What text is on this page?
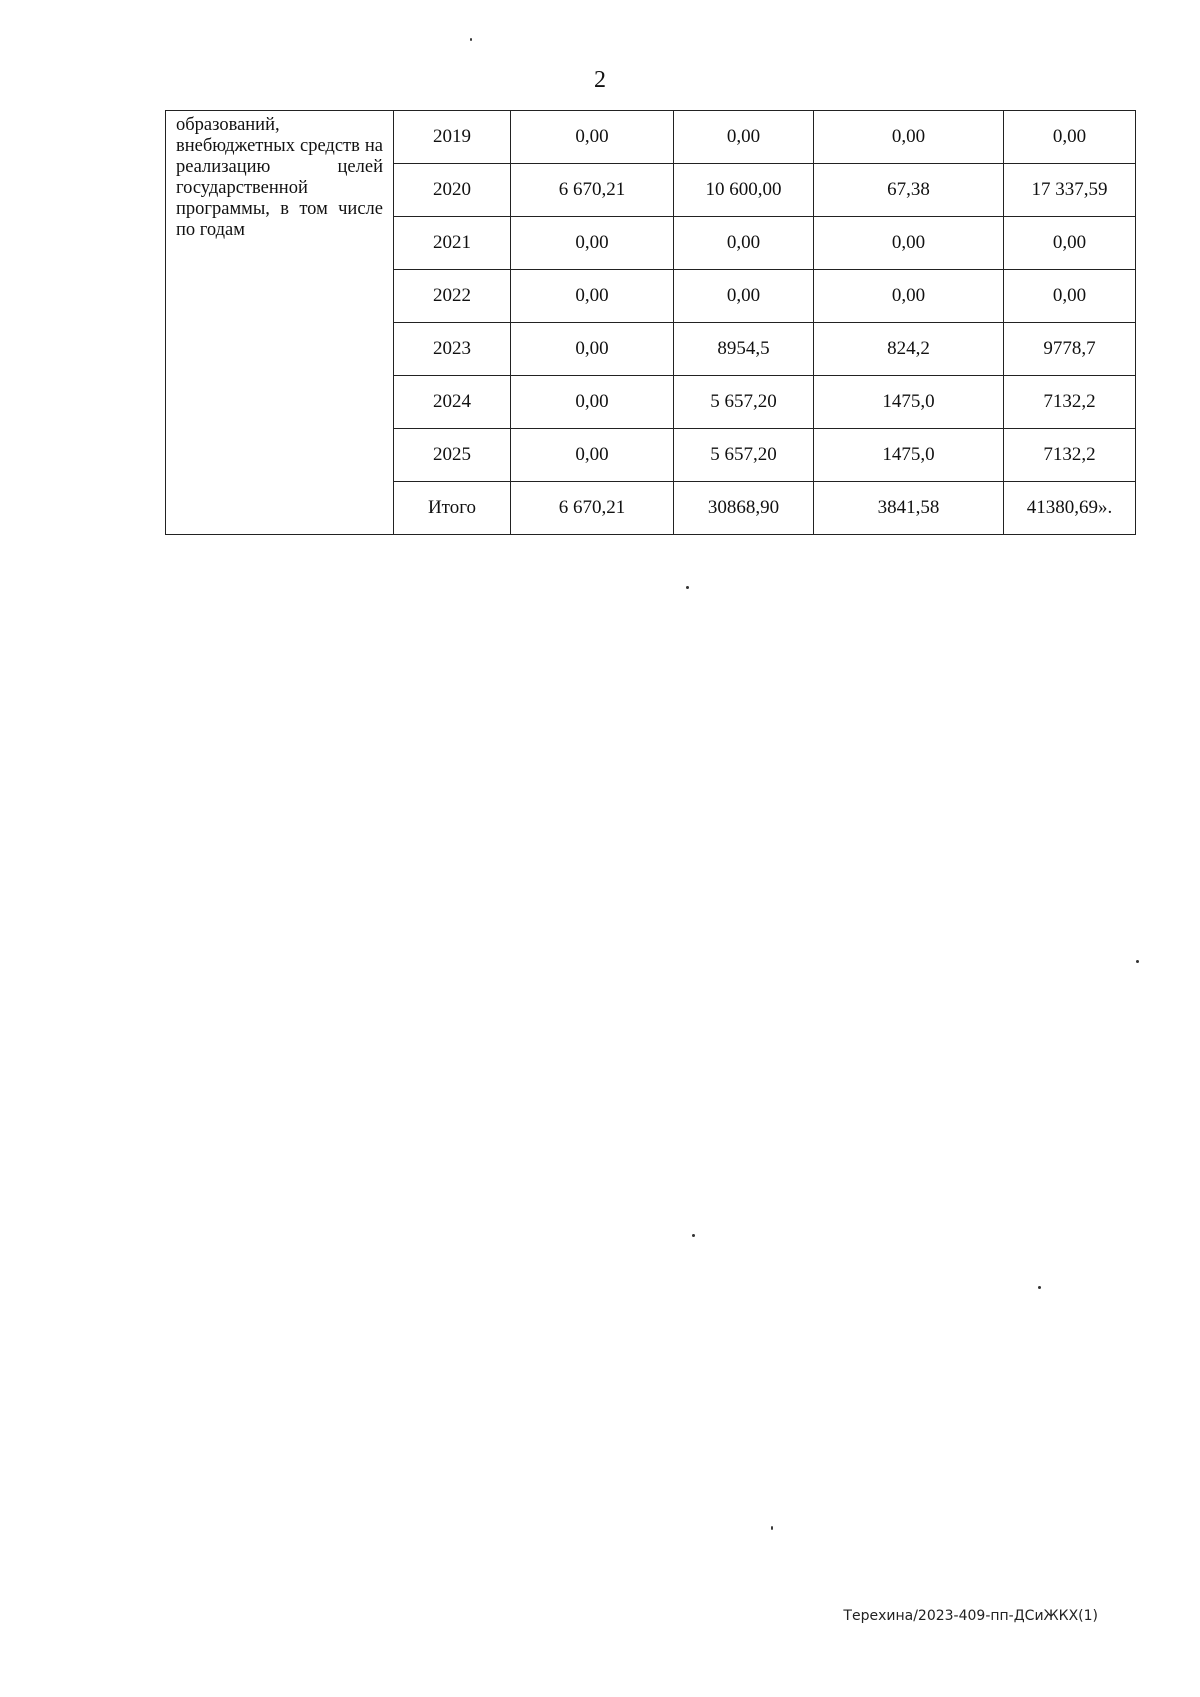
2
образований,
внебюджетных средств на реализацию целей государственной программы, в том числе по годам	2019	0,00	0,00	0,00	0,00
	2020	6 670,21	10 600,00	67,38	17 337,59
	2021	0,00	0,00	0,00	0,00
	2022	0,00	0,00	0,00	0,00
	2023	0,00	8954,5	824,2	9778,7
	2024	0,00	5 657,20	1475,0	7132,2
	2025	0,00	5 657,20	1475,0	7132,2
	Итого	6 670,21	30868,90	3841,58	41380,69».
Терехина/2023-409-пп-ДСиЖКХ(1)
